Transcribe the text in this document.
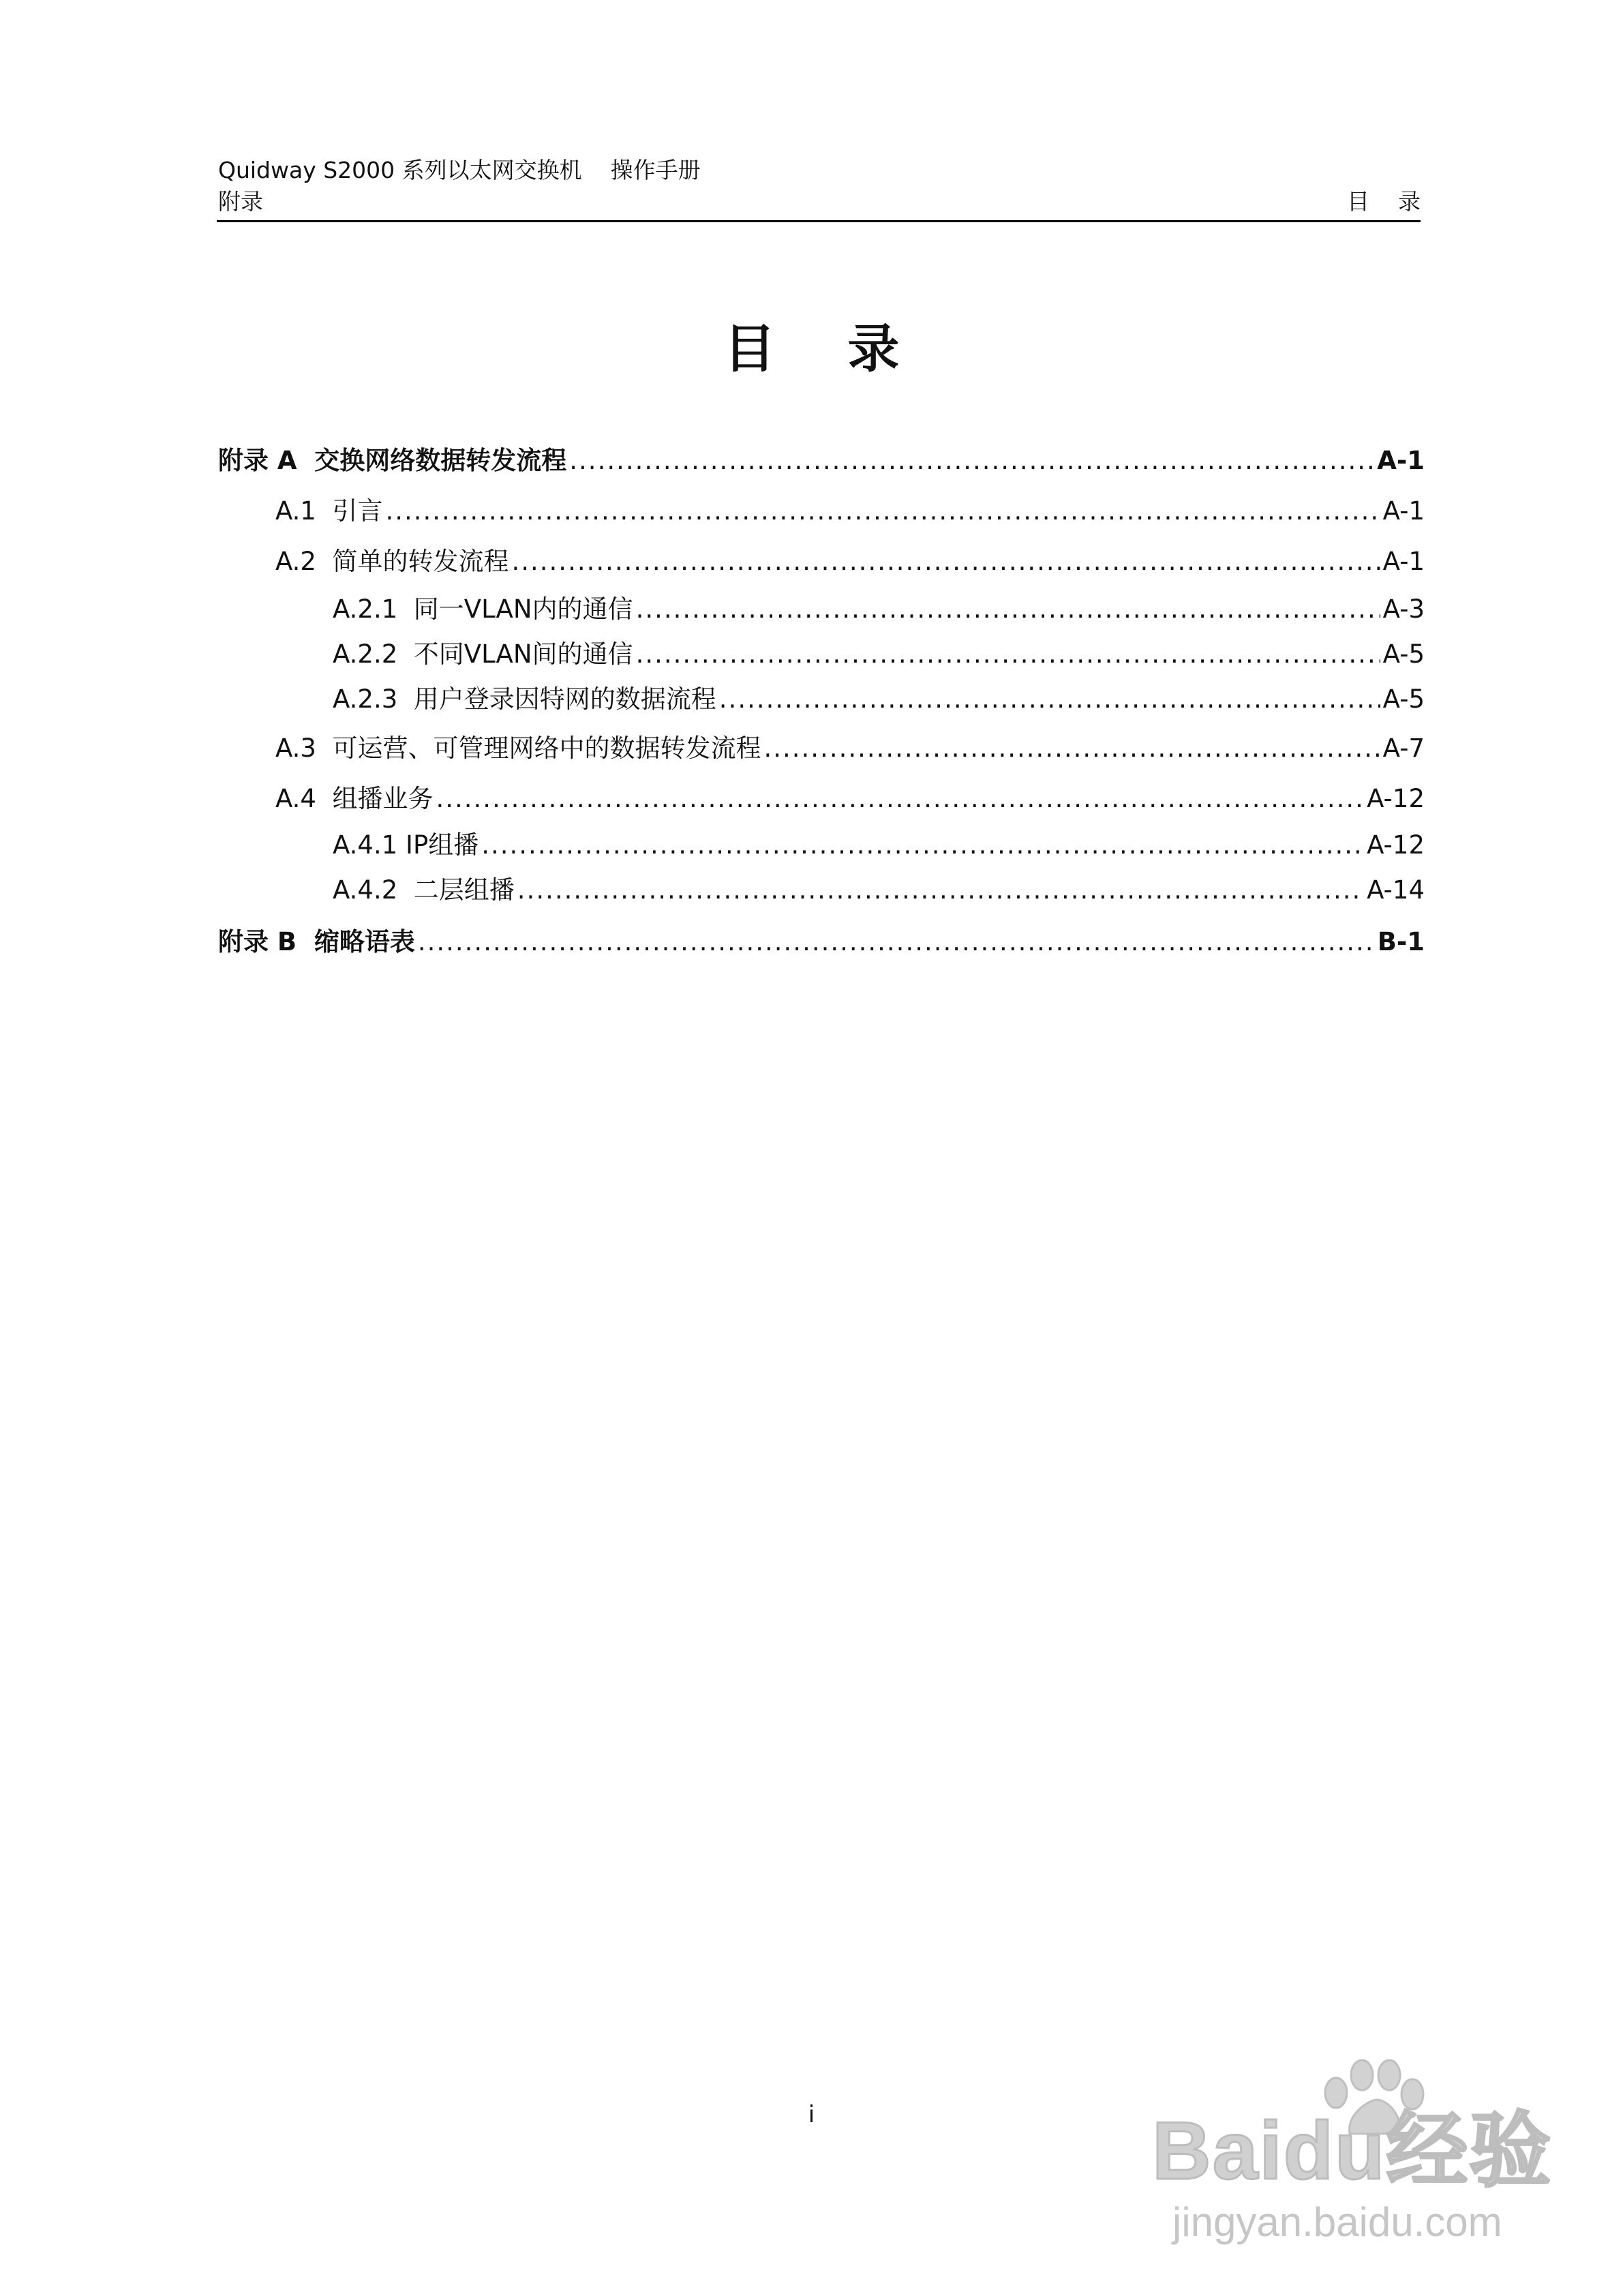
Quidway S2000 系列以太网交换机    操作手册
附录	目    录
目    录
附录 A  交换网络数据转发流程 .....	A-1
A.1  引言 .....	A-1
A.2  简单的转发流程 .....	A-1
A.2.1  同一VLAN内的通信 .....	A-3
A.2.2  不同VLAN间的通信 .....	A-5
A.2.3  用户登录因特网的数据流程 .....	A-5
A.3  可运营、可管理网络中的数据转发流程 .....	A-7
A.4  组播业务 .....	A-12
A.4.1 IP组播 .....	A-12
A.4.2  二层组播 .....	A-14
附录 B  缩略语表 .....	B-1
i	Baidu经验
jingyan.baidu.com
